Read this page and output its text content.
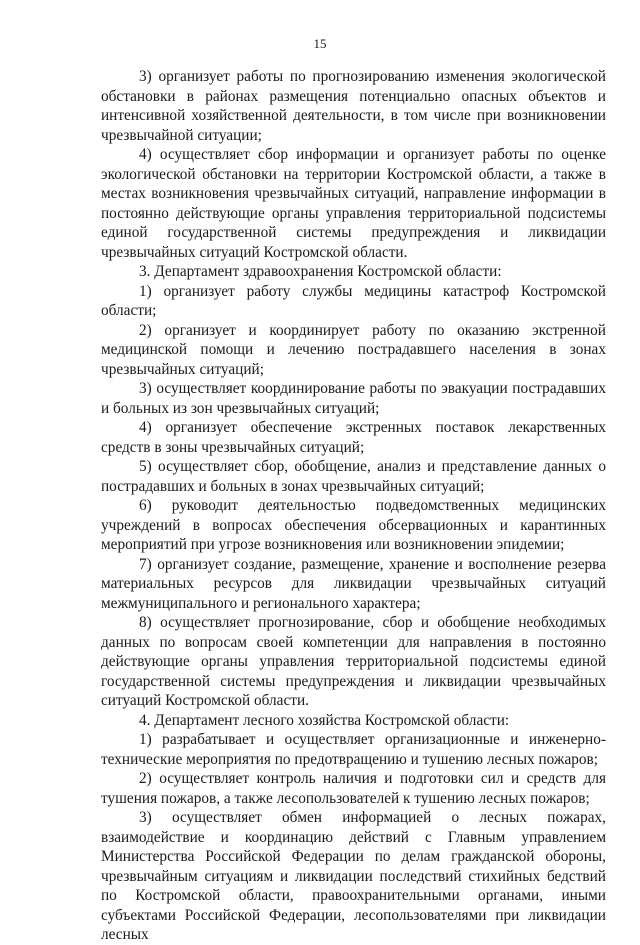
15

3) организует работы по прогнозированию изменения экологической обстановки в районах размещения потенциально опасных объектов и интенсивной хозяйственной деятельности, в том числе при возникновении чрезвычайной ситуации;

4) осуществляет сбор информации и организует работы по оценке экологической обстановки на территории Костромской области, а также в местах возникновения чрезвычайных ситуаций, направление информации в постоянно действующие органы управления территориальной подсистемы единой государственной системы предупреждения и ликвидации чрезвычайных ситуаций Костромской области.

3. Департамент здравоохранения Костромской области:

1) организует работу службы медицины катастроф Костромской области;

2) организует и координирует работу по оказанию экстренной медицинской помощи и лечению пострадавшего населения в зонах чрезвычайных ситуаций;

3) осуществляет координирование работы по эвакуации пострадавших и больных из зон чрезвычайных ситуаций;

4) организует обеспечение экстренных поставок лекарственных средств в зоны чрезвычайных ситуаций;

5) осуществляет сбор, обобщение, анализ и представление данных о пострадавших и больных в зонах чрезвычайных ситуаций;

6) руководит деятельностью подведомственных медицинских учреждений в вопросах обеспечения обсервационных и карантинных мероприятий при угрозе возникновения или возникновении эпидемии;

7) организует создание, размещение, хранение и восполнение резерва материальных ресурсов для ликвидации чрезвычайных ситуаций межмуниципального и регионального характера;

8) осуществляет прогнозирование, сбор и обобщение необходимых данных по вопросам своей компетенции для направления в постоянно действующие органы управления территориальной подсистемы единой государственной системы предупреждения и ликвидации чрезвычайных ситуаций Костромской области.

4. Департамент лесного хозяйства Костромской области:

1) разрабатывает и осуществляет организационные и инженерно-технические мероприятия по предотвращению и тушению лесных пожаров;

2) осуществляет контроль наличия и подготовки сил и средств для тушения пожаров, а также лесопользователей к тушению лесных пожаров;

3) осуществляет обмен информацией о лесных пожарах, взаимодействие и координацию действий с Главным управлением Министерства Российской Федерации по делам гражданской обороны, чрезвычайным ситуациям и ликвидации последствий стихийных бедствий по Костромской области, правоохранительными органами, иными субъектами Российской Федерации, лесопользователями при ликвидации лесных
